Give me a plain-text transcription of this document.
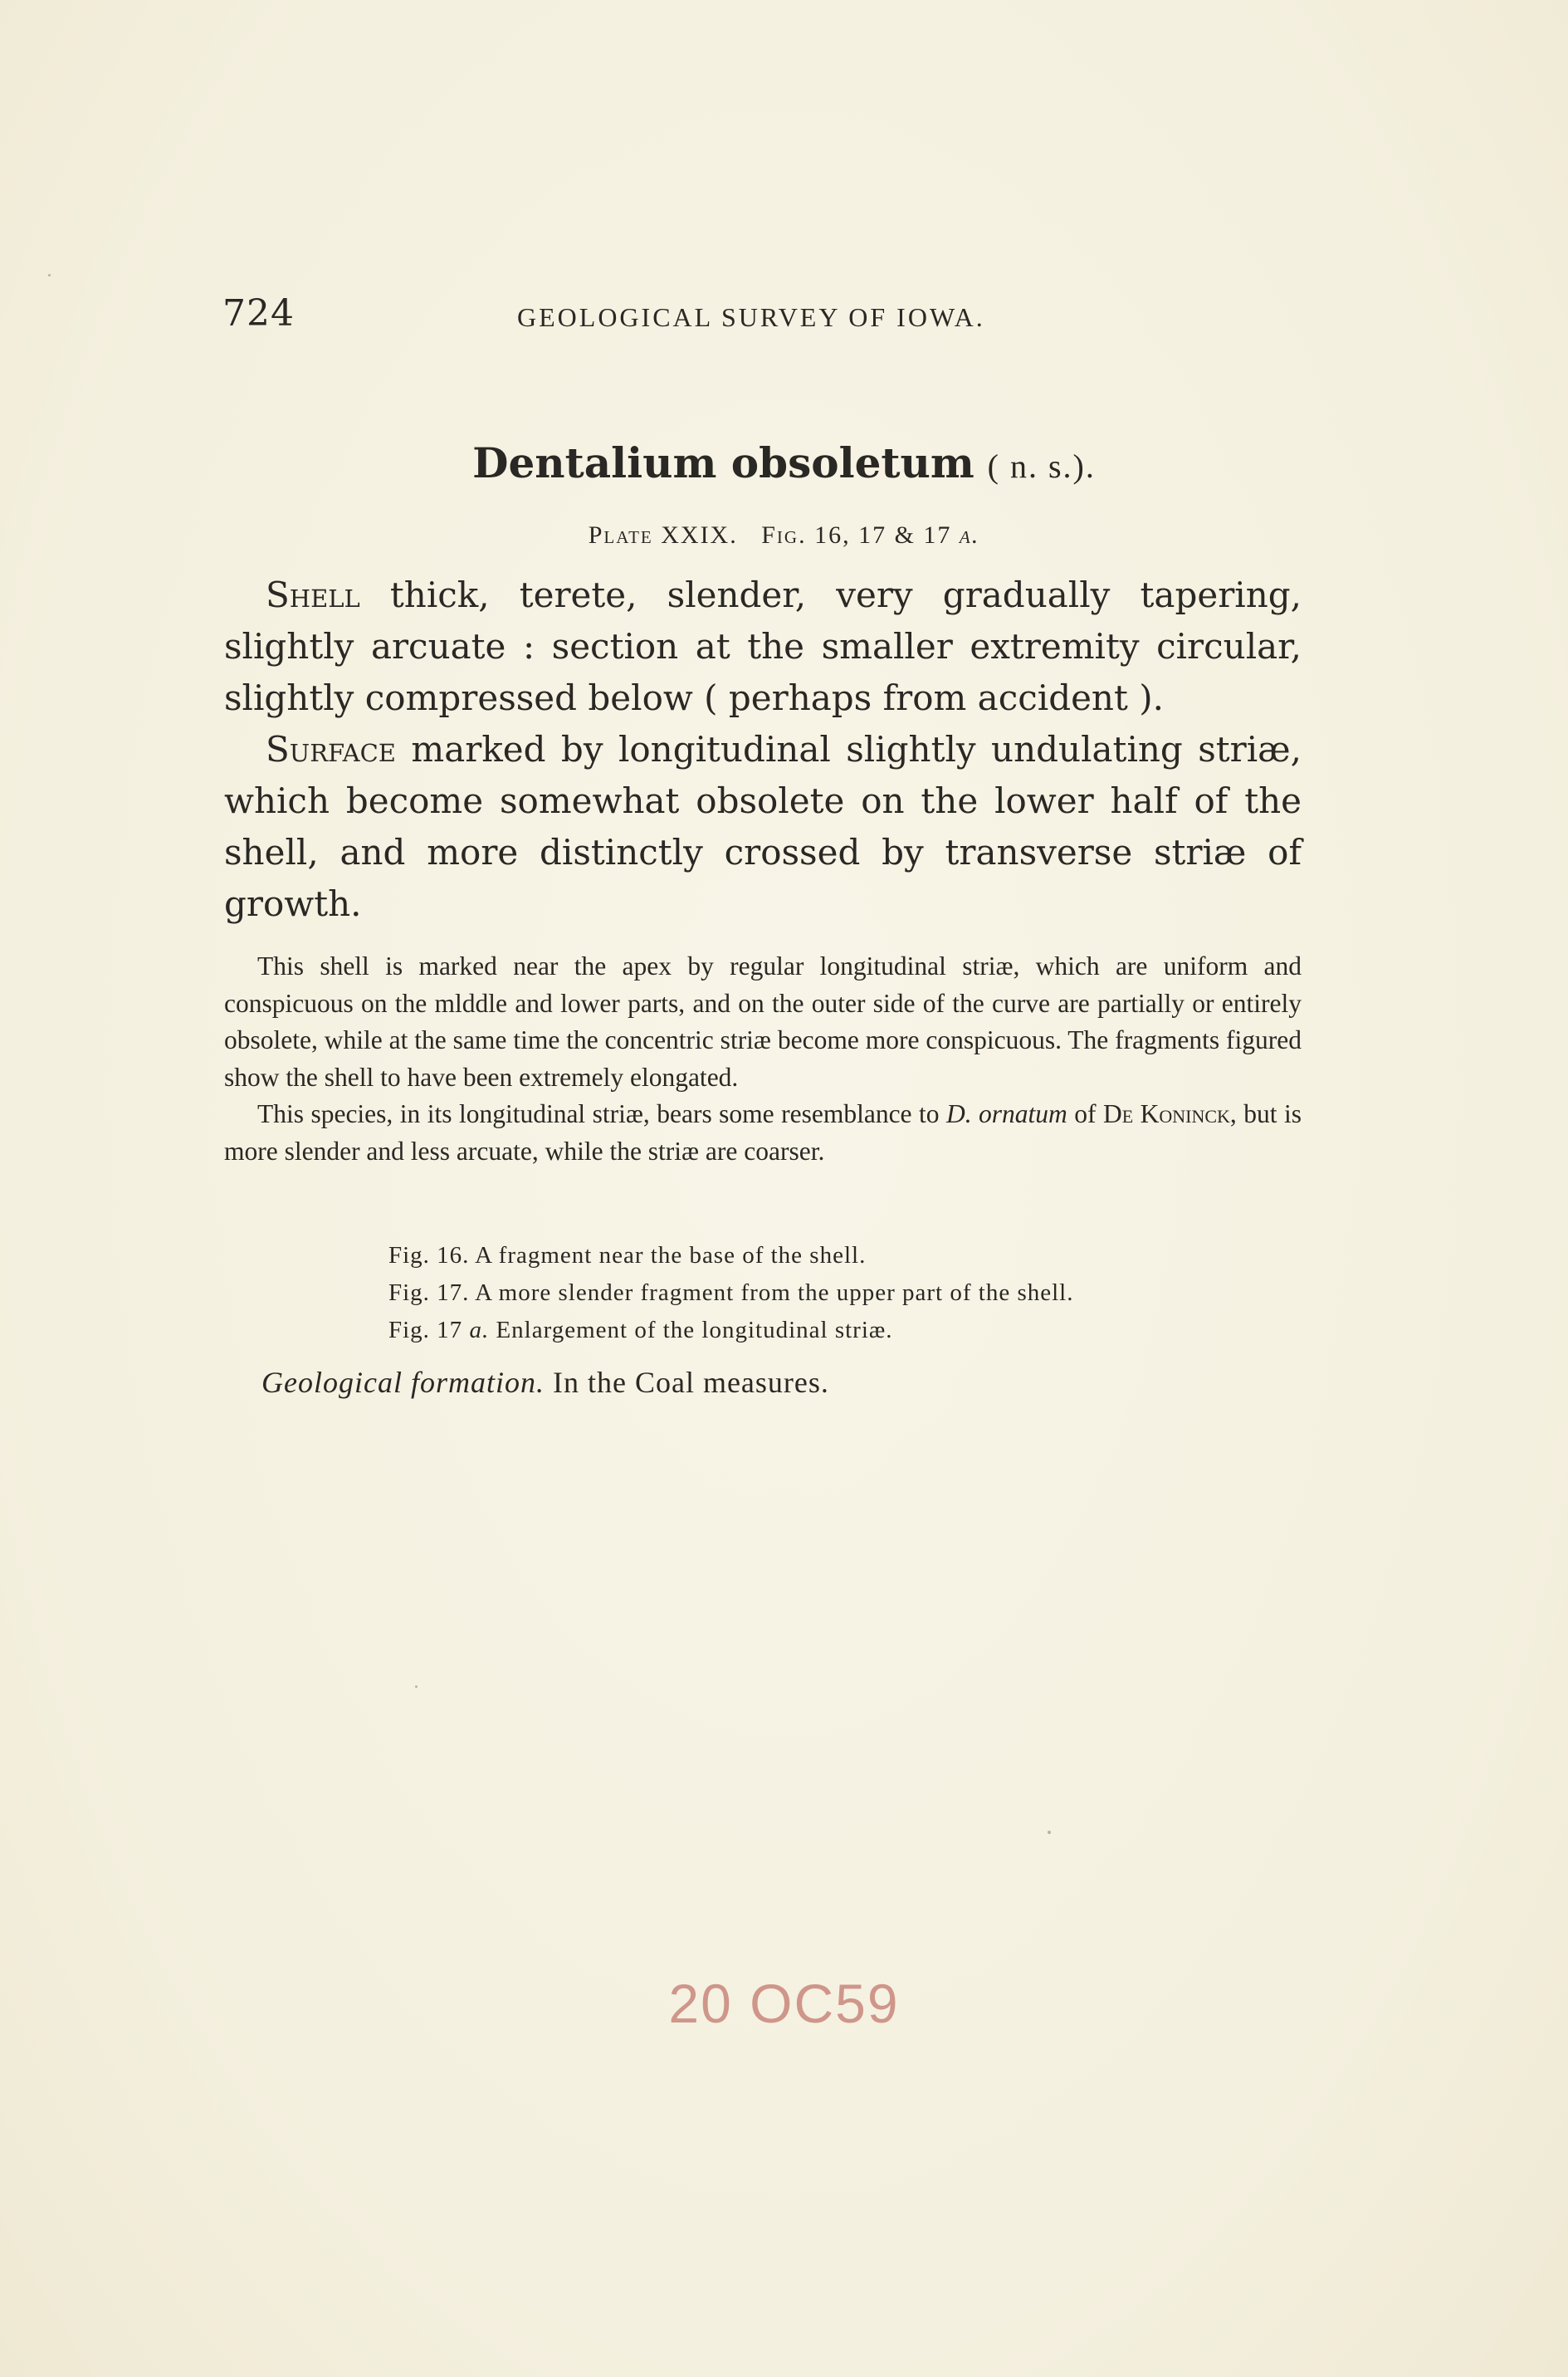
724	GEOLOGICAL SURVEY OF IOWA.
Dentalium obsoletum ( n. s.).
Plate XXIX. Fig. 16, 17 & 17 a.

Shell thick, terete, slender, very gradually tapering, slightly arcuate : section at the smaller extremity circular, slightly compressed below ( perhaps from accident ).

Surface marked by longitudinal slightly undulating striæ, which become somewhat obsolete on the lower half of the shell, and more distinctly crossed by transverse striæ of growth.

This shell is marked near the apex by regular longitudinal striæ, which are uniform and conspicuous on the mlddle and lower parts, and on the outer side of the curve are partially or entirely obsolete, while at the same time the concentric striæ become more conspicuous. The fragments figured show the shell to have been extremely elongated.

This species, in its longitudinal striæ, bears some resemblance to D. ornatum of De Koninck, but is more slender and less arcuate, while the striæ are coarser.

Fig. 16. A fragment near the base of the shell.
Fig. 17. A more slender fragment from the upper part of the shell.
Fig. 17 a. Enlargement of the longitudinal striæ.
Geological formation. In the Coal measures.
20 OC59
